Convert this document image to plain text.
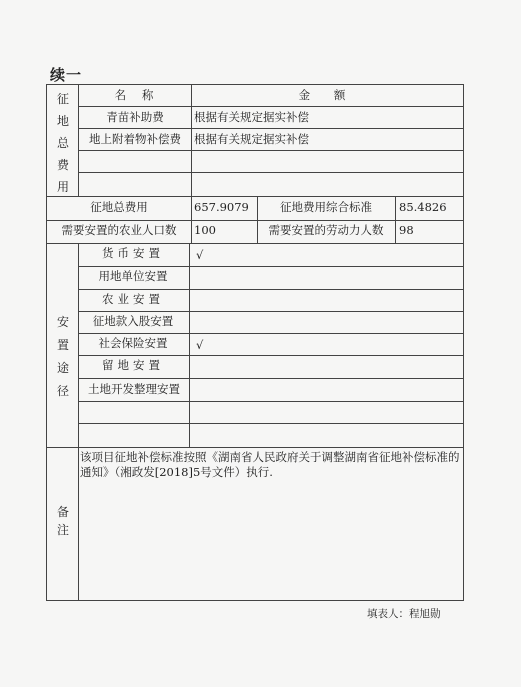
续一
征
地
总
费
用
名 称	金 额
青苗补助费	根据有关规定据实补偿
地上附着物补偿费 根据有关规定据实补偿
征地总费用	657.9079	征地费用综合标准 85.4826
需要安置的农业人口数 100	需要安置的劳动力人数 98
安
置
途
径
货币安置	√
用地单位安置
农业安置
征地款入股安置
社会保险安置 √
留地安置
土地开发整理安置
备
注
该项目征地补偿标准按照《湖南省人民政府关于调整湖南省征地补偿标准的通知》（湘政发[2018]5号文件）执行.
填表人：程旭勋
